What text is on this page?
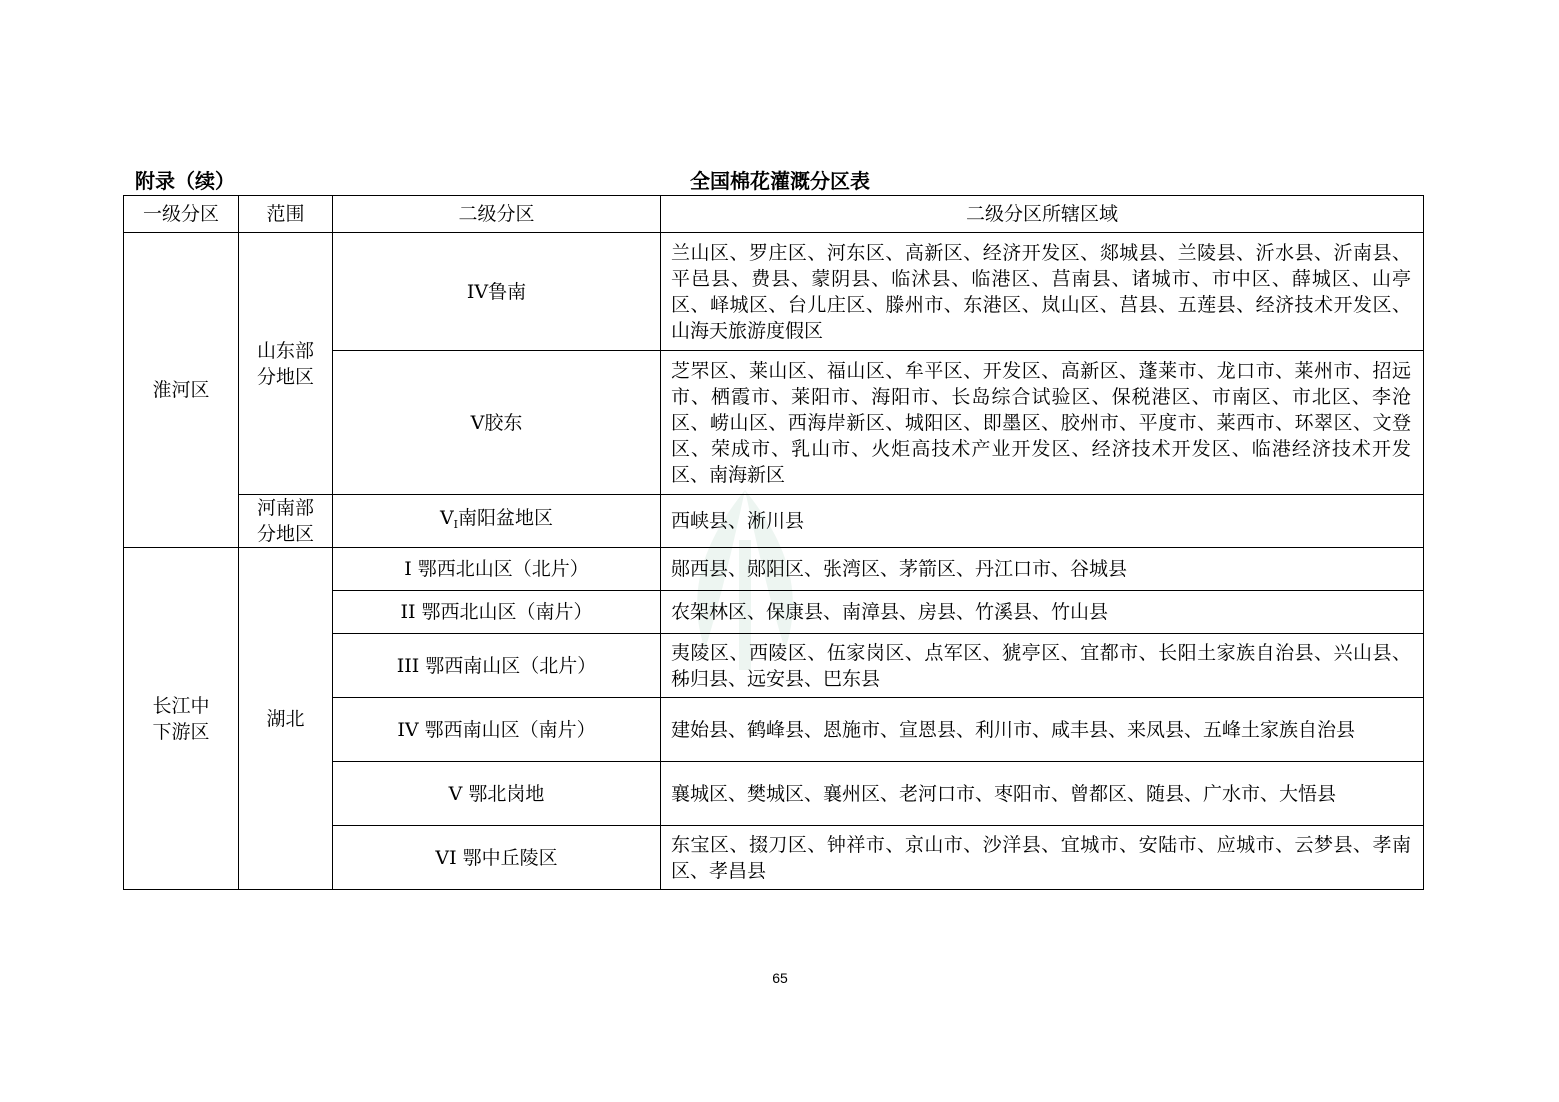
附录（续）	全国棉花灌溉分区表
一级分区	范围	二级分区	二级分区所辖区域
淮河区	山东部分地区	IV鲁南	兰山区、罗庄区、河东区、高新区、经济开发区、郯城县、兰陵县、沂水县、沂南县、平邑县、费县、蒙阴县、临沭县、临港区、莒南县、诸城市、市中区、薛城区、山亭区、峄城区、台儿庄区、滕州市、东港区、岚山区、莒县、五莲县、经济技术开发区、山海天旅游度假区
		V胶东	芝罘区、莱山区、福山区、牟平区、开发区、高新区、蓬莱市、龙口市、莱州市、招远市、栖霞市、莱阳市、海阳市、长岛综合试验区、保税港区、市南区、市北区、李沧区、崂山区、西海岸新区、城阳区、即墨区、胶州市、平度市、莱西市、环翠区、文登区、荣成市、乳山市、火炬高技术产业开发区、经济技术开发区、临港经济技术开发区、南海新区
	河南部分地区	$V_I$南阳盆地区	西峡县、淅川县
长江中下游区	湖北	I 鄂西北山区（北片）	郧西县、郧阳区、张湾区、茅箭区、丹江口市、谷城县
		II 鄂西北山区（南片）	农架林区、保康县、南漳县、房县、竹溪县、竹山县
		III 鄂西南山区（北片）	夷陵区、西陵区、伍家岗区、点军区、猇亭区、宜都市、长阳土家族自治县、兴山县、秭归县、远安县、巴东县
		IV 鄂西南山区（南片）	建始县、鹤峰县、恩施市、宣恩县、利川市、咸丰县、来凤县、五峰土家族自治县
		V 鄂北岗地	襄城区、樊城区、襄州区、老河口市、枣阳市、曾都区、随县、广水市、大悟县
		VI 鄂中丘陵区	东宝区、掇刀区、钟祥市、京山市、沙洋县、宜城市、安陆市、应城市、云梦县、孝南区、孝昌县
65
